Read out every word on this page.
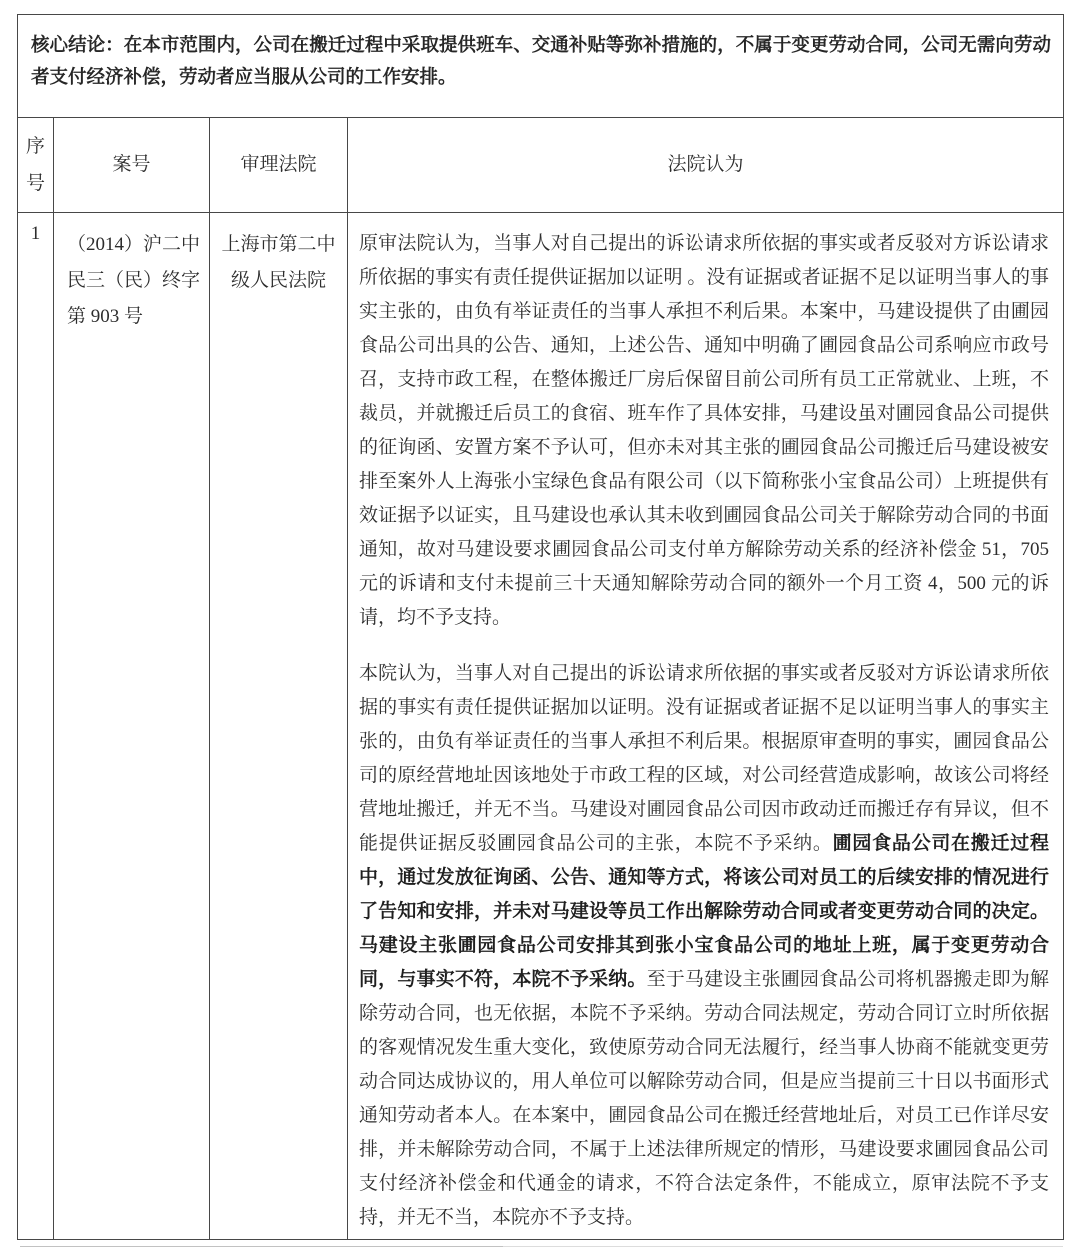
核心结论：在本市范围内，公司在搬迁过程中采取提供班车、交通补贴等弥补措施的，不属于变更劳动合同，公司无需向劳动者支付经济补偿，劳动者应当服从公司的工作安排。
序号
案号	审理法院	法院认为
1
（2014）沪二中
民三（民）终字
第 903 号
上海市第二中
级人民法院

原审法院认为，当事人对自己提出的诉讼请求所依据的事实或者反驳对方诉讼请求所依据的事实有责任提供证据加以证明 。没有证据或者证据不足以证明当事人的事实主张的，由负有举证责任的当事人承担不利后果。本案中，马建设提供了由圃园食品公司出具的公告、通知，上述公告、通知中明确了圃园食品公司系响应市政号召，支持市政工程，在整体搬迁厂房后保留目前公司所有员工正常就业、上班，不裁员，并就搬迁后员工的食宿、班车作了具体安排，马建设虽对圃园食品公司提供的征询函、安置方案不予认可，但亦未对其主张的圃园食品公司搬迁后马建设被安排至案外人上海张小宝绿色食品有限公司（以下简称张小宝食品公司）上班提供有效证据予以证实，且马建设也承认其未收到圃园食品公司关于解除劳动合同的书面通知，故对马建设要求圃园食品公司支付单方解除劳动关系的经济补偿金 51，705 元的诉请和支付未提前三十天通知解除劳动合同的额外一个月工资 4，500 元的诉请，均不予支持。

本院认为，当事人对自己提出的诉讼请求所依据的事实或者反驳对方诉讼请求所依据的事实有责任提供证据加以证明。没有证据或者证据不足以证明当事人的事实主张的，由负有举证责任的当事人承担不利后果。根据原审查明的事实，圃园食品公司的原经营地址因该地处于市政工程的区域，对公司经营造成影响，故该公司将经营地址搬迁，并无不当。马建设对圃园食品公司因市政动迁而搬迁存有异议，但不能提供证据反驳圃园食品公司的主张，本院不予采纳。圃园食品公司在搬迁过程中，通过发放征询函、公告、通知等方式，将该公司对员工的后续安排的情况进行了告知和安排，并未对马建设等员工作出解除劳动合同或者变更劳动合同的决定。马建设主张圃园食品公司安排其到张小宝食品公司的地址上班，属于变更劳动合同，与事实不符，本院不予采纳。至于马建设主张圃园食品公司将机器搬走即为解除劳动合同，也无依据，本院不予采纳。劳动合同法规定，劳动合同订立时所依据的客观情况发生重大变化，致使原劳动合同无法履行，经当事人协商不能就变更劳动合同达成协议的，用人单位可以解除劳动合同，但是应当提前三十日以书面形式通知劳动者本人。在本案中，圃园食品公司在搬迁经营地址后，对员工已作详尽安排，并未解除劳动合同，不属于上述法律所规定的情形，马建设要求圃园食品公司支付经济补偿金和代通金的请求，不符合法定条件，不能成立，原审法院不予支持，并无不当，本院亦不予支持。
